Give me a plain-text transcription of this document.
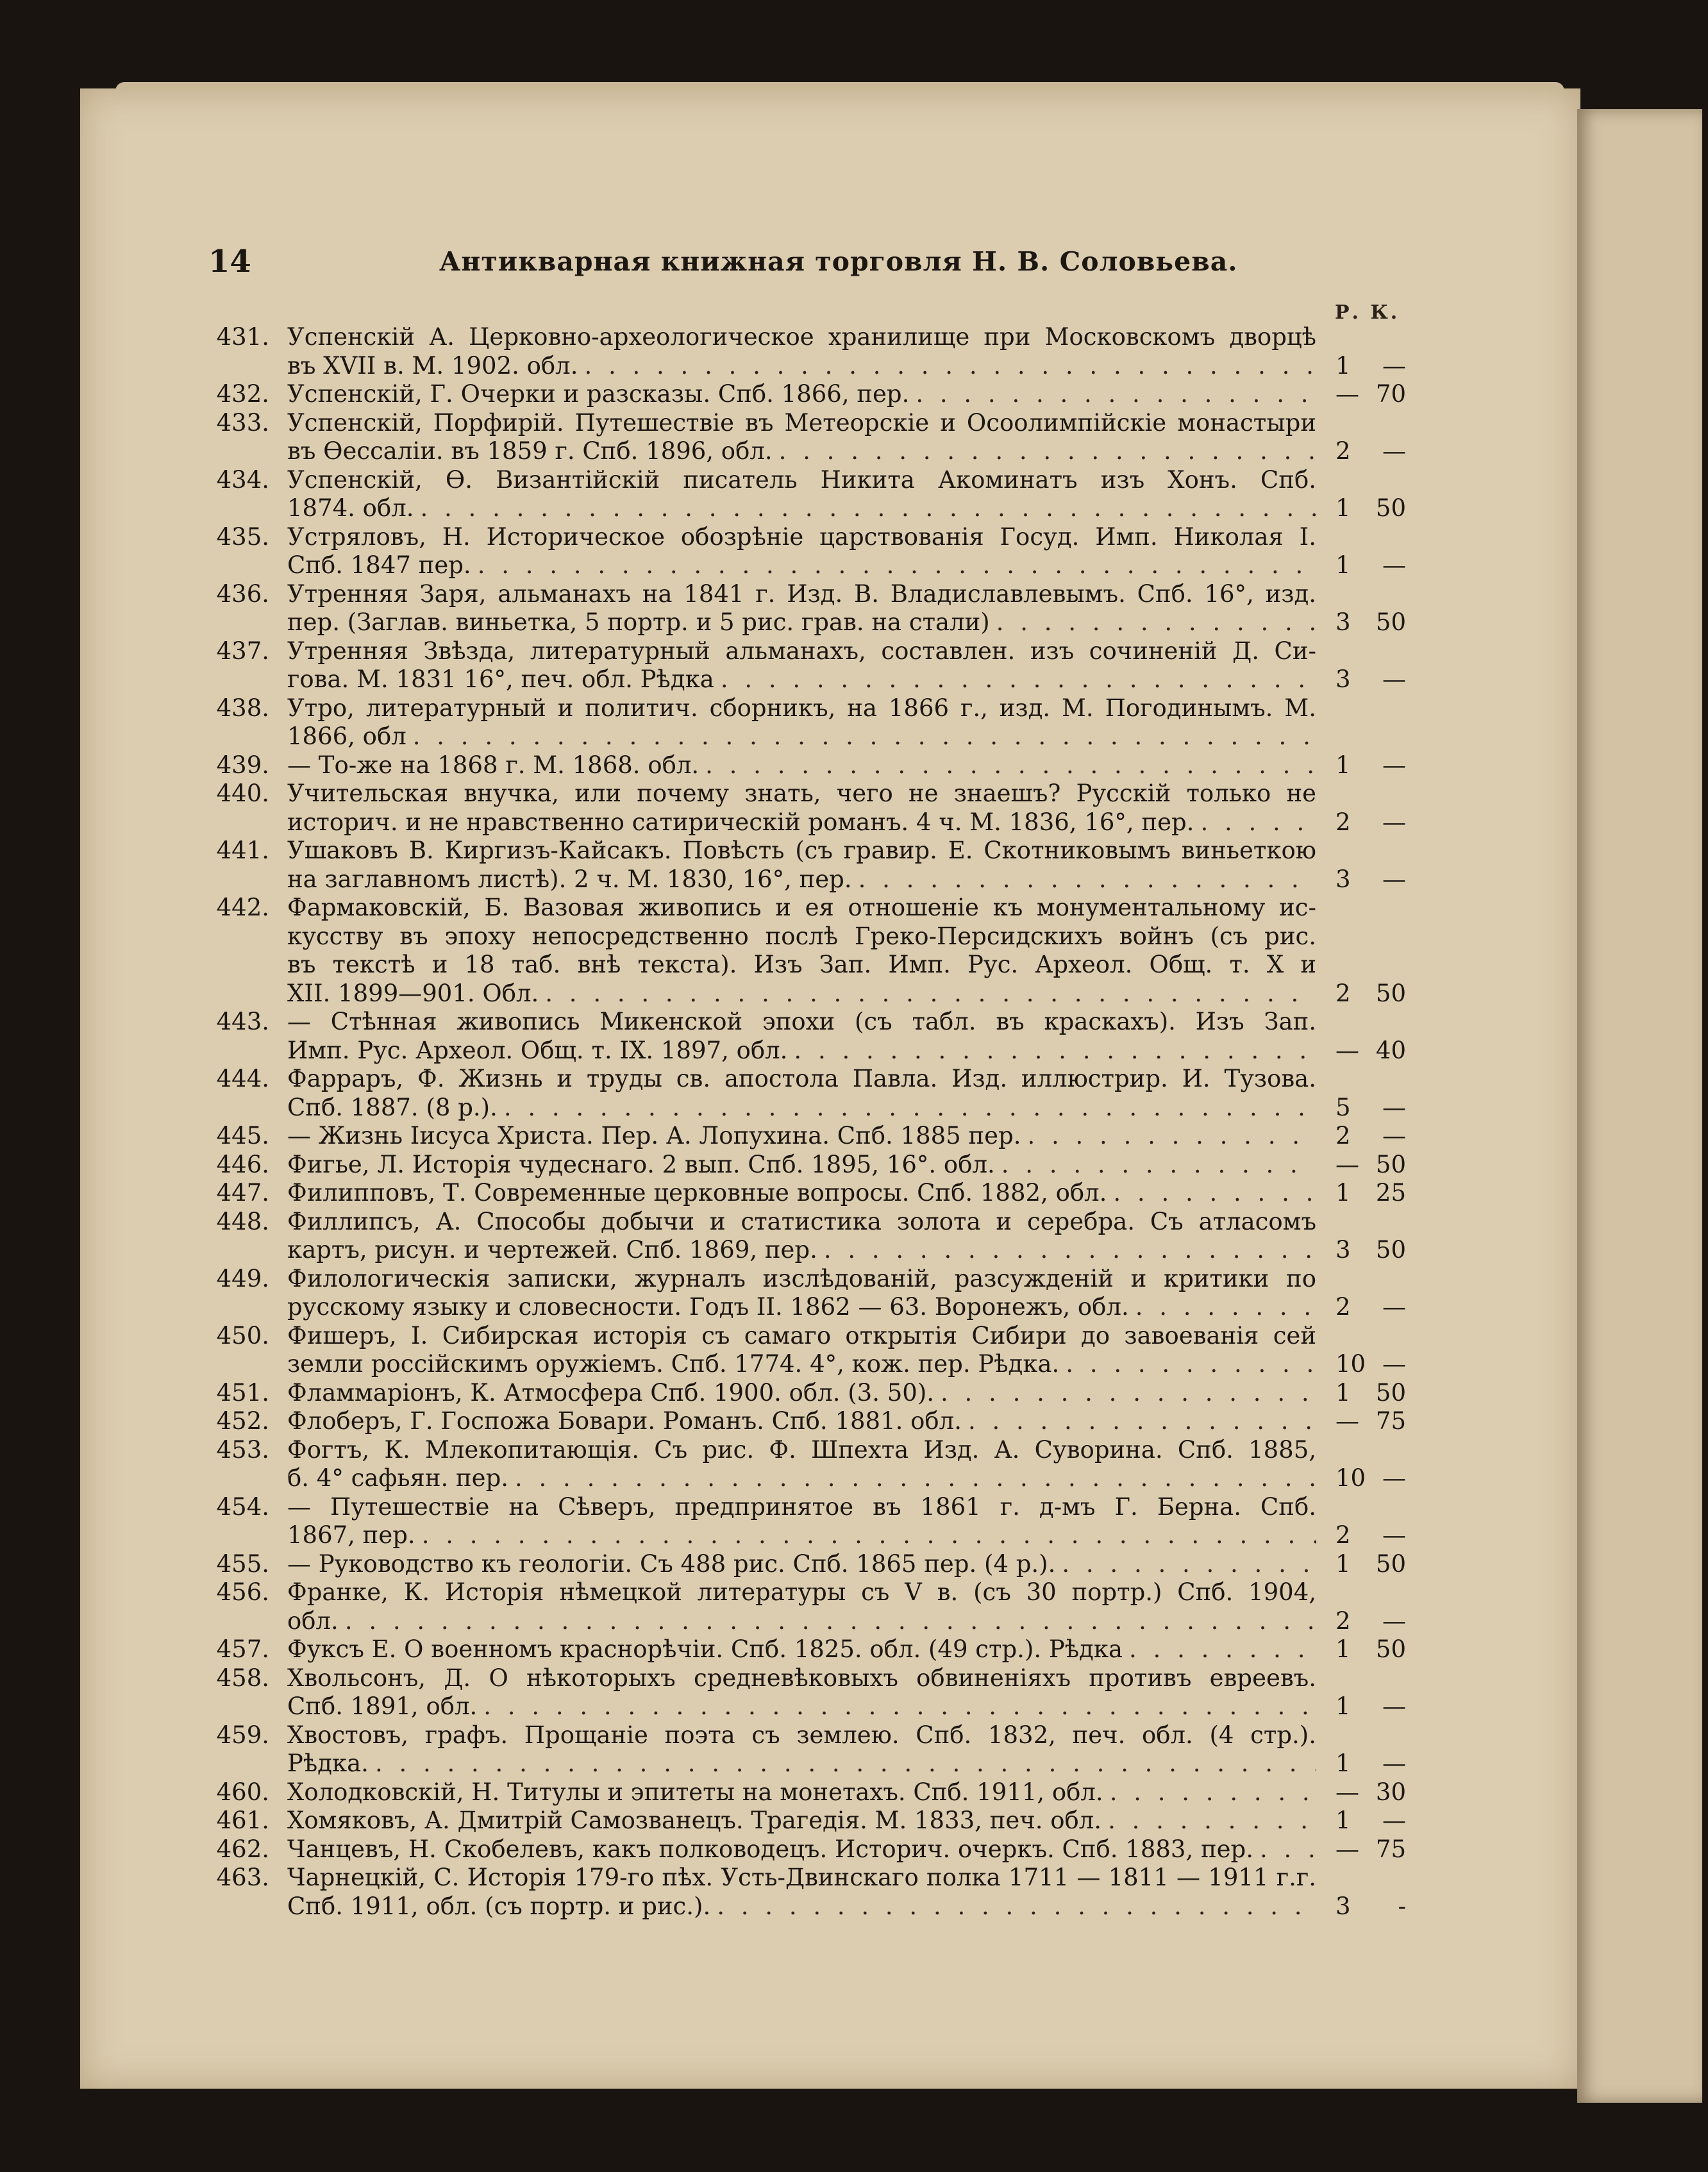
14	Антикварная книжная торговля Н. В. Соловьева.
Р. К.
431. Успенскій А. Церковно-археологическое хранилище при Московскомъ дворцѣ
въ XVII в. М. 1902. обл. . . .	1 —
432. Успенскій, Г. Очерки и разсказы. Спб. 1866, пер. . . .	— 70
433. Успенскій, Порфирій. Путешествіе въ Метеорскіе и Осоолимпійскіе монастыри
въ Өессаліи. въ 1859 г. Спб. 1896, обл. . . .	2 —
434. Успенскій, Ө. Византійскій писатель Никита Акоминатъ изъ Хонъ. Спб.
1874. обл. . . .	1 50
435. Устряловъ, Н. Историческое обозрѣніе царствованія Госуд. Имп. Николая I.
Спб. 1847 пер. . . .	1 —
436. Утренняя Заря, альманахъ на 1841 г. Изд. В. Владиславлевымъ. Спб. 16°, изд.
пер. (Заглав. виньетка, 5 портр. и 5 рис. грав. на стали) . . .	3 50
437. Утренняя Звѣзда, литературный альманахъ, составлен. изъ сочиненій Д. Си-
гова. М. 1831 16°, печ. обл. Рѣдка . . .	3 —
438. Утро, литературный и политич. сборникъ, на 1866 г., изд. М. Погодинымъ. М.
1866, обл
. . .
439. — То-же на 1868 г. М. 1868. обл. . . .	1 —
440. Учительская внучка, или почему знать, чего не знаешъ? Русскій только не
историч. и не нравственно сатирическій романъ. 4 ч. М. 1836, 16°, пер. . . .	2 —
441. Ушаковъ В. Киргизъ-Кайсакъ. Повѣсть (съ гравир. Е. Скотниковымъ виньеткою
на заглавномъ листѣ). 2 ч. М. 1830, 16°, пер. . . .	3 —
442. Фармаковскій, Б. Вазовая живопись и ея отношеніе къ монументальному ис-
кусству въ эпоху непосредственно послѣ Греко-Персидскихъ войнъ (съ рис.
въ текстѣ и 18 таб. внѣ текста). Изъ Зап. Имп. Рус. Археол. Общ. т. X и
XII. 1899—901. Обл. . . .	2 50
443. — Стѣнная живопись Микенской эпохи (съ табл. въ краскахъ). Изъ Зап.
Имп. Рус. Археол. Общ. т. IX. 1897, обл.
. . .	— 40
444. Фарраръ, Ф. Жизнь и труды св. апостола Павла. Изд. иллюстрир. И. Тузова.
Спб. 1887. (8 р.). . . .	5 —
445. — Жизнь Іисуса Христа. Пер. А. Лопухина. Спб. 1885 пер. . . .	2 —
446. Фигье, Л. Исторія чудеснаго. 2 вып. Спб. 1895, 16°. обл. . . .	— 50
447. Филипповъ, Т. Современные церковные вопросы. Спб. 1882, обл. . . .	1 25
448. Филлипсъ, А. Способы добычи и статистика золота и серебра. Съ атласомъ
картъ, рисун. и чертежей. Спб. 1869, пер. . . .	3 50
449. Филологическія записки, журналъ изслѣдованій, разсужденій и критики по
русскому языку и словесности. Годъ II. 1862 — 63. Воронежъ, обл. . . .	2 —
450. Фишеръ, І. Сибирская исторія съ самаго открытія Сибири до завоеванія сей
земли россійскимъ оружіемъ. Спб. 1774. 4°, кож. пер. Рѣдка.
. . .	10 —
451. Фламмаріонъ, К. Атмосфера Спб. 1900. обл. (3. 50). . . .	1 50
452. Флоберъ, Г. Госпожа Бовари. Романъ. Спб. 1881. обл. . . .	— 75
453. Фогтъ, К. Млекопитающія. Съ рис. Ф. Шпехта Изд. А. Суворина. Спб. 1885,
б. 4° сафьян. пер.
. . .	10 —
454. — Путешествіе на Сѣверъ, предпринятое въ 1861 г. д-мъ Г. Берна. Спб.
1867, пер. . . .	2 —
455. — Руководство къ геологіи. Съ 488 рис. Спб. 1865 пер. (4 р.). . . .	1 50
456. Франке, К. Исторія нѣмецкой литературы съ V в. (съ 30 портр.) Спб. 1904,
обл. . . .	2 —
457. Фуксъ Е. О военномъ краснорѣчіи. Спб. 1825. обл. (49 стр.). Рѣдка . . .	1 50
458. Хвольсонъ, Д. О нѣкоторыхъ средневѣковыхъ обвиненіяхъ противъ евреевъ.
Спб. 1891, обл. . . .	1 —
459. Хвостовъ, графъ. Прощаніе поэта съ землею. Спб. 1832, печ. обл. (4 стр.).
Рѣдка. . . .	1 —
460. Холодковскій, Н. Титулы и эпитеты на монетахъ. Спб. 1911, обл. . . .	— 30
461. Хомяковъ, А. Дмитрій Самозванецъ. Трагедія. М. 1833, печ. обл. . . .	1 —
462. Чанцевъ, Н. Скобелевъ, какъ полководецъ. Историч. очеркъ. Спб. 1883, пер. . . .	— 75
463. Чарнецкій, С. Исторія 179-го пѣх. Усть-Двинскаго полка 1711 — 1811 — 1911 г.г.
Спб. 1911, обл. (съ портр. и рис.). . . .	3 -
